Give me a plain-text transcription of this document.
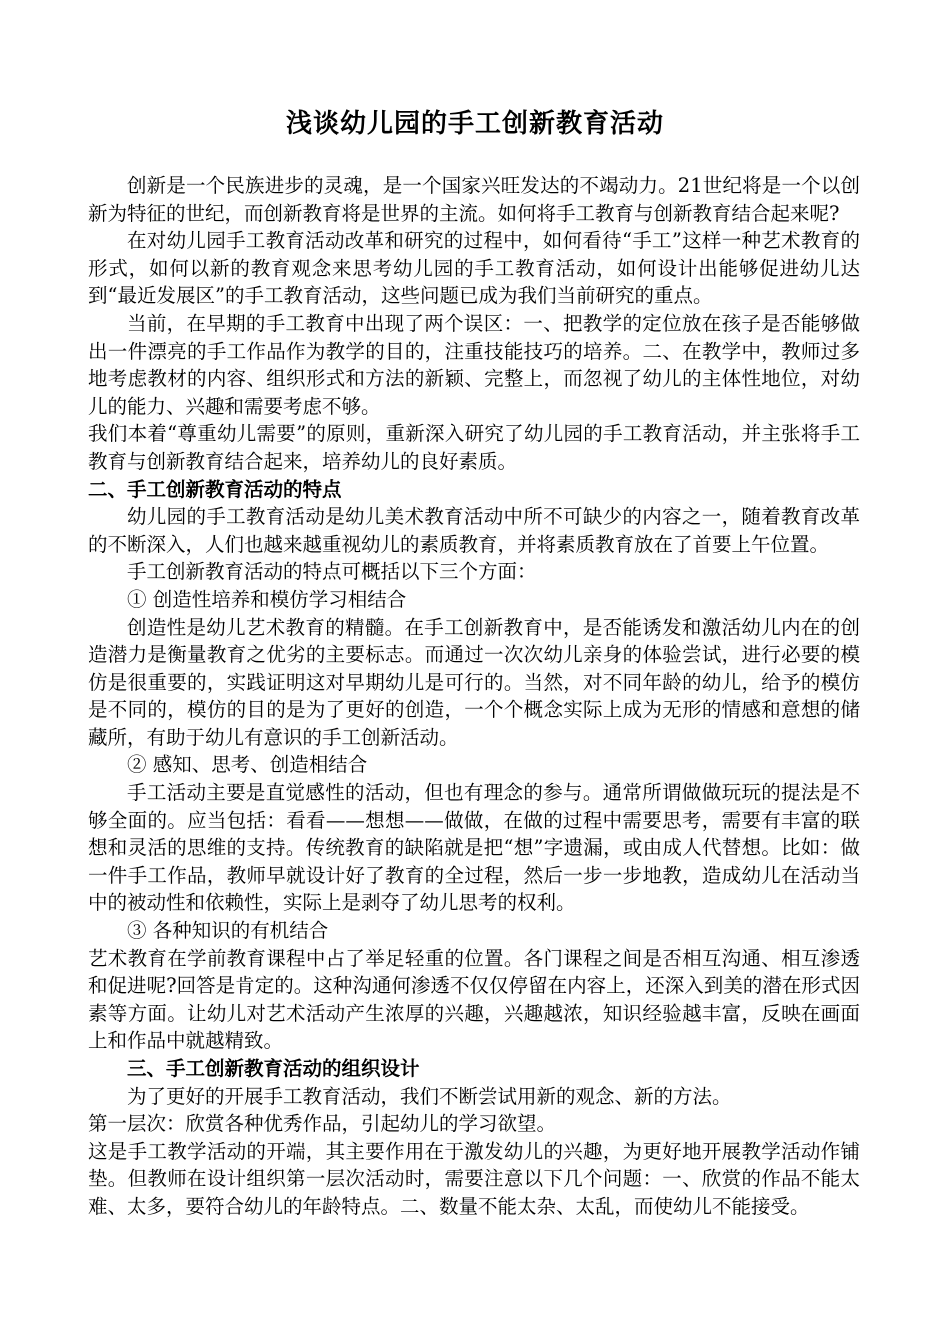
浅谈幼儿园的手工创新教育活动

创新是一个民族进步的灵魂，是一个国家兴旺发达的不竭动力。21世纪将是一个以创新为特征的世纪，而创新教育将是世界的主流。如何将手工教育与创新教育结合起来呢?

在对幼儿园手工教育活动改革和研究的过程中，如何看待“手工”这样一种艺术教育的形式，如何以新的教育观念来思考幼儿园的手工教育活动，如何设计出能够促进幼儿达到“最近发展区”的手工教育活动，这些问题已成为我们当前研究的重点。

当前，在早期的手工教育中出现了两个误区：一、把教学的定位放在孩子是否能够做出一件漂亮的手工作品作为教学的目的，注重技能技巧的培养。二、在教学中，教师过多地考虑教材的内容、组织形式和方法的新颖、完整上，而忽视了幼儿的主体性地位，对幼儿的能力、兴趣和需要考虑不够。

我们本着“尊重幼儿需要”的原则，重新深入研究了幼儿园的手工教育活动，并主张将手工教育与创新教育结合起来，培养幼儿的良好素质。

二、手工创新教育活动的特点

幼儿园的手工教育活动是幼儿美术教育活动中所不可缺少的内容之一，随着教育改革的不断深入，人们也越来越重视幼儿的素质教育，并将素质教育放在了首要上午位置。

手工创新教育活动的特点可概括以下三个方面：

① 创造性培养和模仿学习相结合

创造性是幼儿艺术教育的精髓。在手工创新教育中，是否能诱发和激活幼儿内在的创造潜力是衡量教育之优劣的主要标志。而通过一次次幼儿亲身的体验尝试，进行必要的模仿是很重要的，实践证明这对早期幼儿是可行的。当然，对不同年龄的幼儿，给予的模仿是不同的，模仿的目的是为了更好的创造，一个个概念实际上成为无形的情感和意想的储藏所，有助于幼儿有意识的手工创新活动。

② 感知、思考、创造相结合

手工活动主要是直觉感性的活动，但也有理念的参与。通常所谓做做玩玩的提法是不够全面的。应当包括：看看——想想——做做，在做的过程中需要思考，需要有丰富的联想和灵活的思维的支持。传统教育的缺陷就是把“想”字遗漏，或由成人代替想。比如：做一件手工作品，教师早就设计好了教育的全过程，然后一步一步地教，造成幼儿在活动当中的被动性和依赖性，实际上是剥夺了幼儿思考的权利。

③ 各种知识的有机结合

艺术教育在学前教育课程中占了举足轻重的位置。各门课程之间是否相互沟通、相互渗透和促进呢?回答是肯定的。这种沟通何渗透不仅仅停留在内容上，还深入到美的潜在形式因素等方面。让幼儿对艺术活动产生浓厚的兴趣，兴趣越浓，知识经验越丰富，反映在画面上和作品中就越精致。

三、手工创新教育活动的组织设计

为了更好的开展手工教育活动，我们不断尝试用新的观念、新的方法。

第一层次：欣赏各种优秀作品，引起幼儿的学习欲望。

这是手工教学活动的开端，其主要作用在于激发幼儿的兴趣，为更好地开展教学活动作铺垫。但教师在设计组织第一层次活动时，需要注意以下几个问题：一、欣赏的作品不能太难、太多，要符合幼儿的年龄特点。二、数量不能太杂、太乱，而使幼儿不能接受。
